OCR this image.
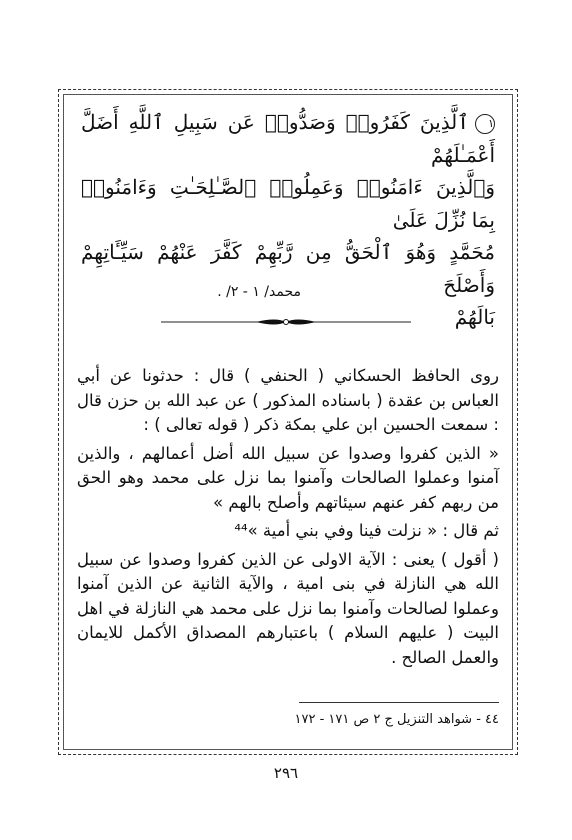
١ٱلَّذِينَ كَفَرُوا۟ وَصَدُّوا۟ عَن سَبِيلِ ٱللَّهِ أَضَلَّ أَعْمَـٰلَهُمْ
وَٱلَّذِينَ ءَامَنُوا۟ وَعَمِلُوا۟ ٱلصَّـٰلِحَـٰتِ وَءَامَنُوا۟ بِمَا نُزِّلَ عَلَىٰ
مُحَمَّدٍ وَهُوَ ٱلْحَقُّ مِن رَّبِّهِمْ كَفَّرَ عَنْهُمْ سَيِّـَٔاتِهِمْ وَأَصْلَحَ
بَالَهُمْ
محمد/ ١ - ٢/ .

روى الحافظ الحسكاني ( الحنفي ) قال : حدثونا عن أبي العباس بن عقدة ( باسناده المذكور ) عن عبد الله بن حزن قال : سمعت الحسين ابن علي بمكة ذكر ( قوله تعالى ) :

« الذين كفروا وصدوا عن سبيل الله أضل أعمالهم ، والذين آمنوا وعملوا الصالحات وآمنوا بما نزل على محمد وهو الحق من ربهم كفر عنهم سيئاتهم وأصلح بالهم »

ثم قال : « نزلت فينا وفي بني أمية »⁴⁴

( أقول ) يعنى : الآية الاولى عن الذين كفروا وصدوا عن سبيل الله هي النازلة في بنى امية ، والآية الثانية عن الذين آمنوا وعملوا لصالحات وآمنوا بما نزل على محمد هي النازلة في اهل البيت ( عليهم السلام ) باعتبارهم المصداق الأكمل للايمان والعمل الصالح .

٤٤ - شواهد التنزيل ج ٢ ص ١٧١ - ١٧٢
٢٩٦
